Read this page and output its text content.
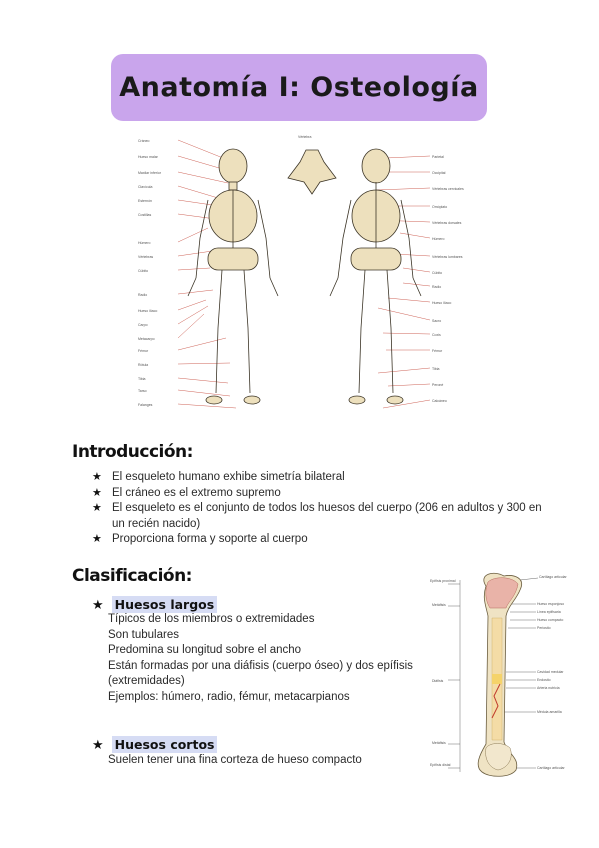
Anatomía I: Osteología
Cráneo
Hueso malar
Maxilar inferior
Clavícula
Esternón
Costillas
Húmero
Vértebras
Cúbito
Radio
Hueso ilíaco
Carpo
Metacarpo
Fémur
Rótula
Tibia
Tarso
Falanges
Parietal
Occipital
Vértebras cervicales
Omóplato
Vértebras dorsales
Húmero
Vértebras lumbares
Cúbito
Radio
Hueso ilíaco
Sacro
Coxis
Fémur
Tibia
Peroné
Calcáneo
Vértebra
Introducción:
★ El esqueleto humano exhibe simetría bilateral
★ El cráneo es el extremo supremo
★ El esqueleto es el conjunto de todos los huesos del cuerpo (206 en adultos y 300 en
un recién nacido)
★ Proporciona forma y soporte al cuerpo
Clasificación:
★ Huesos largos
Típicos de los miembros o extremidades
Son tubulares
Predomina su longitud sobre el ancho
Están formadas por una diáfisis (cuerpo óseo) y dos epífisis
(extremidades)
Ejemplos: húmero, radio, fémur, metacarpianos
★ Huesos cortos
Suelen tener una fina corteza de hueso compacto
Epífisis proximal
Metáfisis
Diáfisis
Metáfisis
Epífisis distal
Cartílago articular
Hueso esponjoso
Línea epifisaria
Hueso compacto
Periostio
Cavidad medular
Endostio
Arteria nutricia
Médula amarilla
Cartílago articular
